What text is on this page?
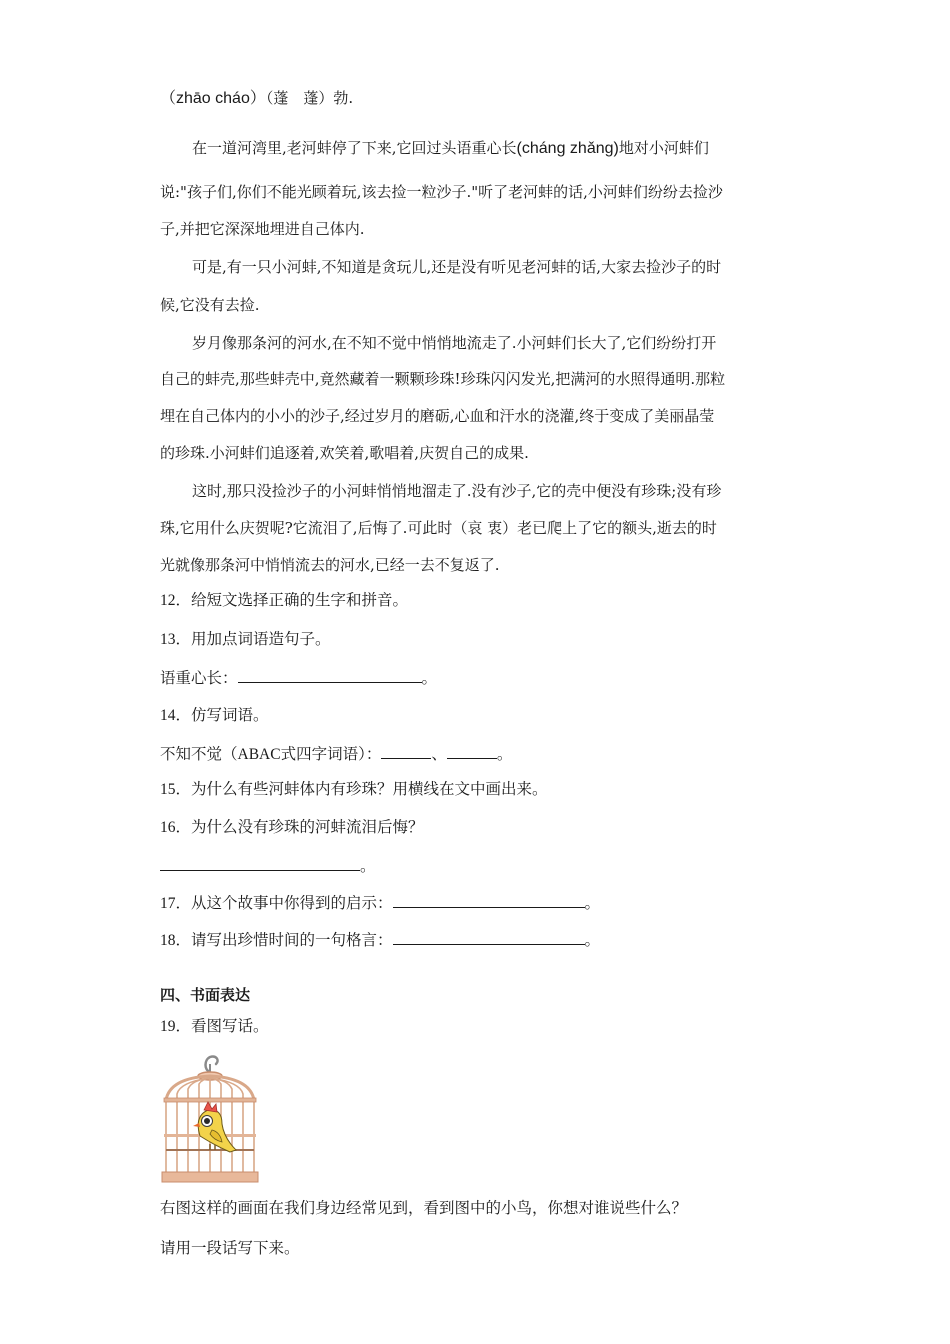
（zhāo cháo）（蓬　蓬）勃.
在一道河湾里,老河蚌停了下来,它回过头语重心长(cháng zhǎng)地对小河蚌们
说:"孩子们,你们不能光顾着玩,该去捡一粒沙子."听了老河蚌的话,小河蚌们纷纷去捡沙
子,并把它深深地埋进自己体内.
可是,有一只小河蚌,不知道是贪玩儿,还是没有听见老河蚌的话,大家去捡沙子的时
候,它没有去捡.
岁月像那条河的河水,在不知不觉中悄悄地流走了.小河蚌们长大了,它们纷纷打开
自己的蚌壳,那些蚌壳中,竟然藏着一颗颗珍珠!珍珠闪闪发光,把满河的水照得通明.那粒
埋在自己体内的小小的沙子,经过岁月的磨砺,心血和汗水的浇灌,终于变成了美丽晶莹
的珍珠.小河蚌们追逐着,欢笑着,歌唱着,庆贺自己的成果.
这时,那只没捡沙子的小河蚌悄悄地溜走了.没有沙子,它的壳中便没有珍珠;没有珍
珠,它用什么庆贺呢?它流泪了,后悔了.可此时（哀 衷）老已爬上了它的额头,逝去的时
光就像那条河中悄悄流去的河水,已经一去不复返了.
12．给短文选择正确的生字和拼音。
13．用加点词语造句子。
语重心长：	。
14．仿写词语。
不知不觉（ABAC式四字词语）：	、	。
15．为什么有些河蚌体内有珍珠？用横线在文中画出来。
16．为什么没有珍珠的河蚌流泪后悔？
。
17．从这个故事中你得到的启示：	。
18．请写出珍惜时间的一句格言：	。
四、书面表达
19．看图写话。
右图这样的画面在我们身边经常见到，看到图中的小鸟，你想对谁说些什么？
请用一段话写下来。
